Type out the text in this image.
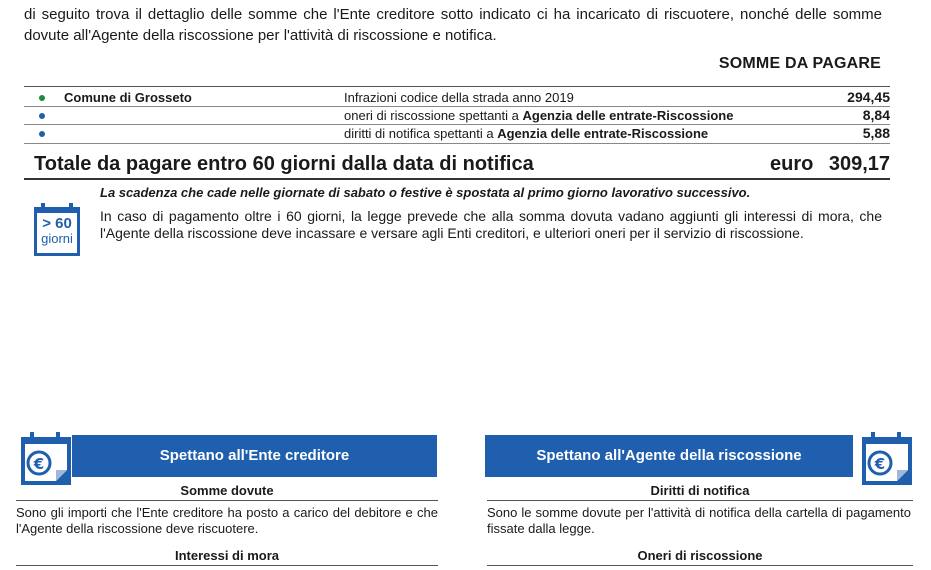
di seguito trova il dettaglio delle somme che l'Ente creditore sotto indicato ci ha incaricato di riscuotere, nonché delle somme dovute all'Agente della riscossione per l'attività di riscossione e notifica.
SOMME DA PAGARE
Comune di Grosseto	Infrazioni codice della strada anno 2019	294,45
oneri di riscossione spettanti a Agenzia delle entrate-Riscossione	8,84
diritti di notifica spettanti a Agenzia delle entrate-Riscossione	5,88
Totale da pagare entro 60 giorni dalla data di notifica	euro 309,17
La scadenza che cade nelle giornate di sabato o festive è spostata al primo giorno lavorativo successivo.
> 60
giorni
In caso di pagamento oltre i 60 giorni, la legge prevede che alla somma dovuta vadano aggiunti gli interessi di mora, che l'Agente della riscossione deve incassare e versare agli Enti creditori, e ulteriori oneri per il servizio di riscossione.
€	Spettano all'Ente creditore
Somme dovute
Sono gli importi che l'Ente creditore ha posto a carico del debitore e che l'Agente della riscossione deve riscuotere.
Interessi di mora
Spettano all'Agente della riscossione	€
Diritti di notifica
Sono le somme dovute per l'attività di notifica della cartella di pagamento fissate dalla legge.
Oneri di riscossione
